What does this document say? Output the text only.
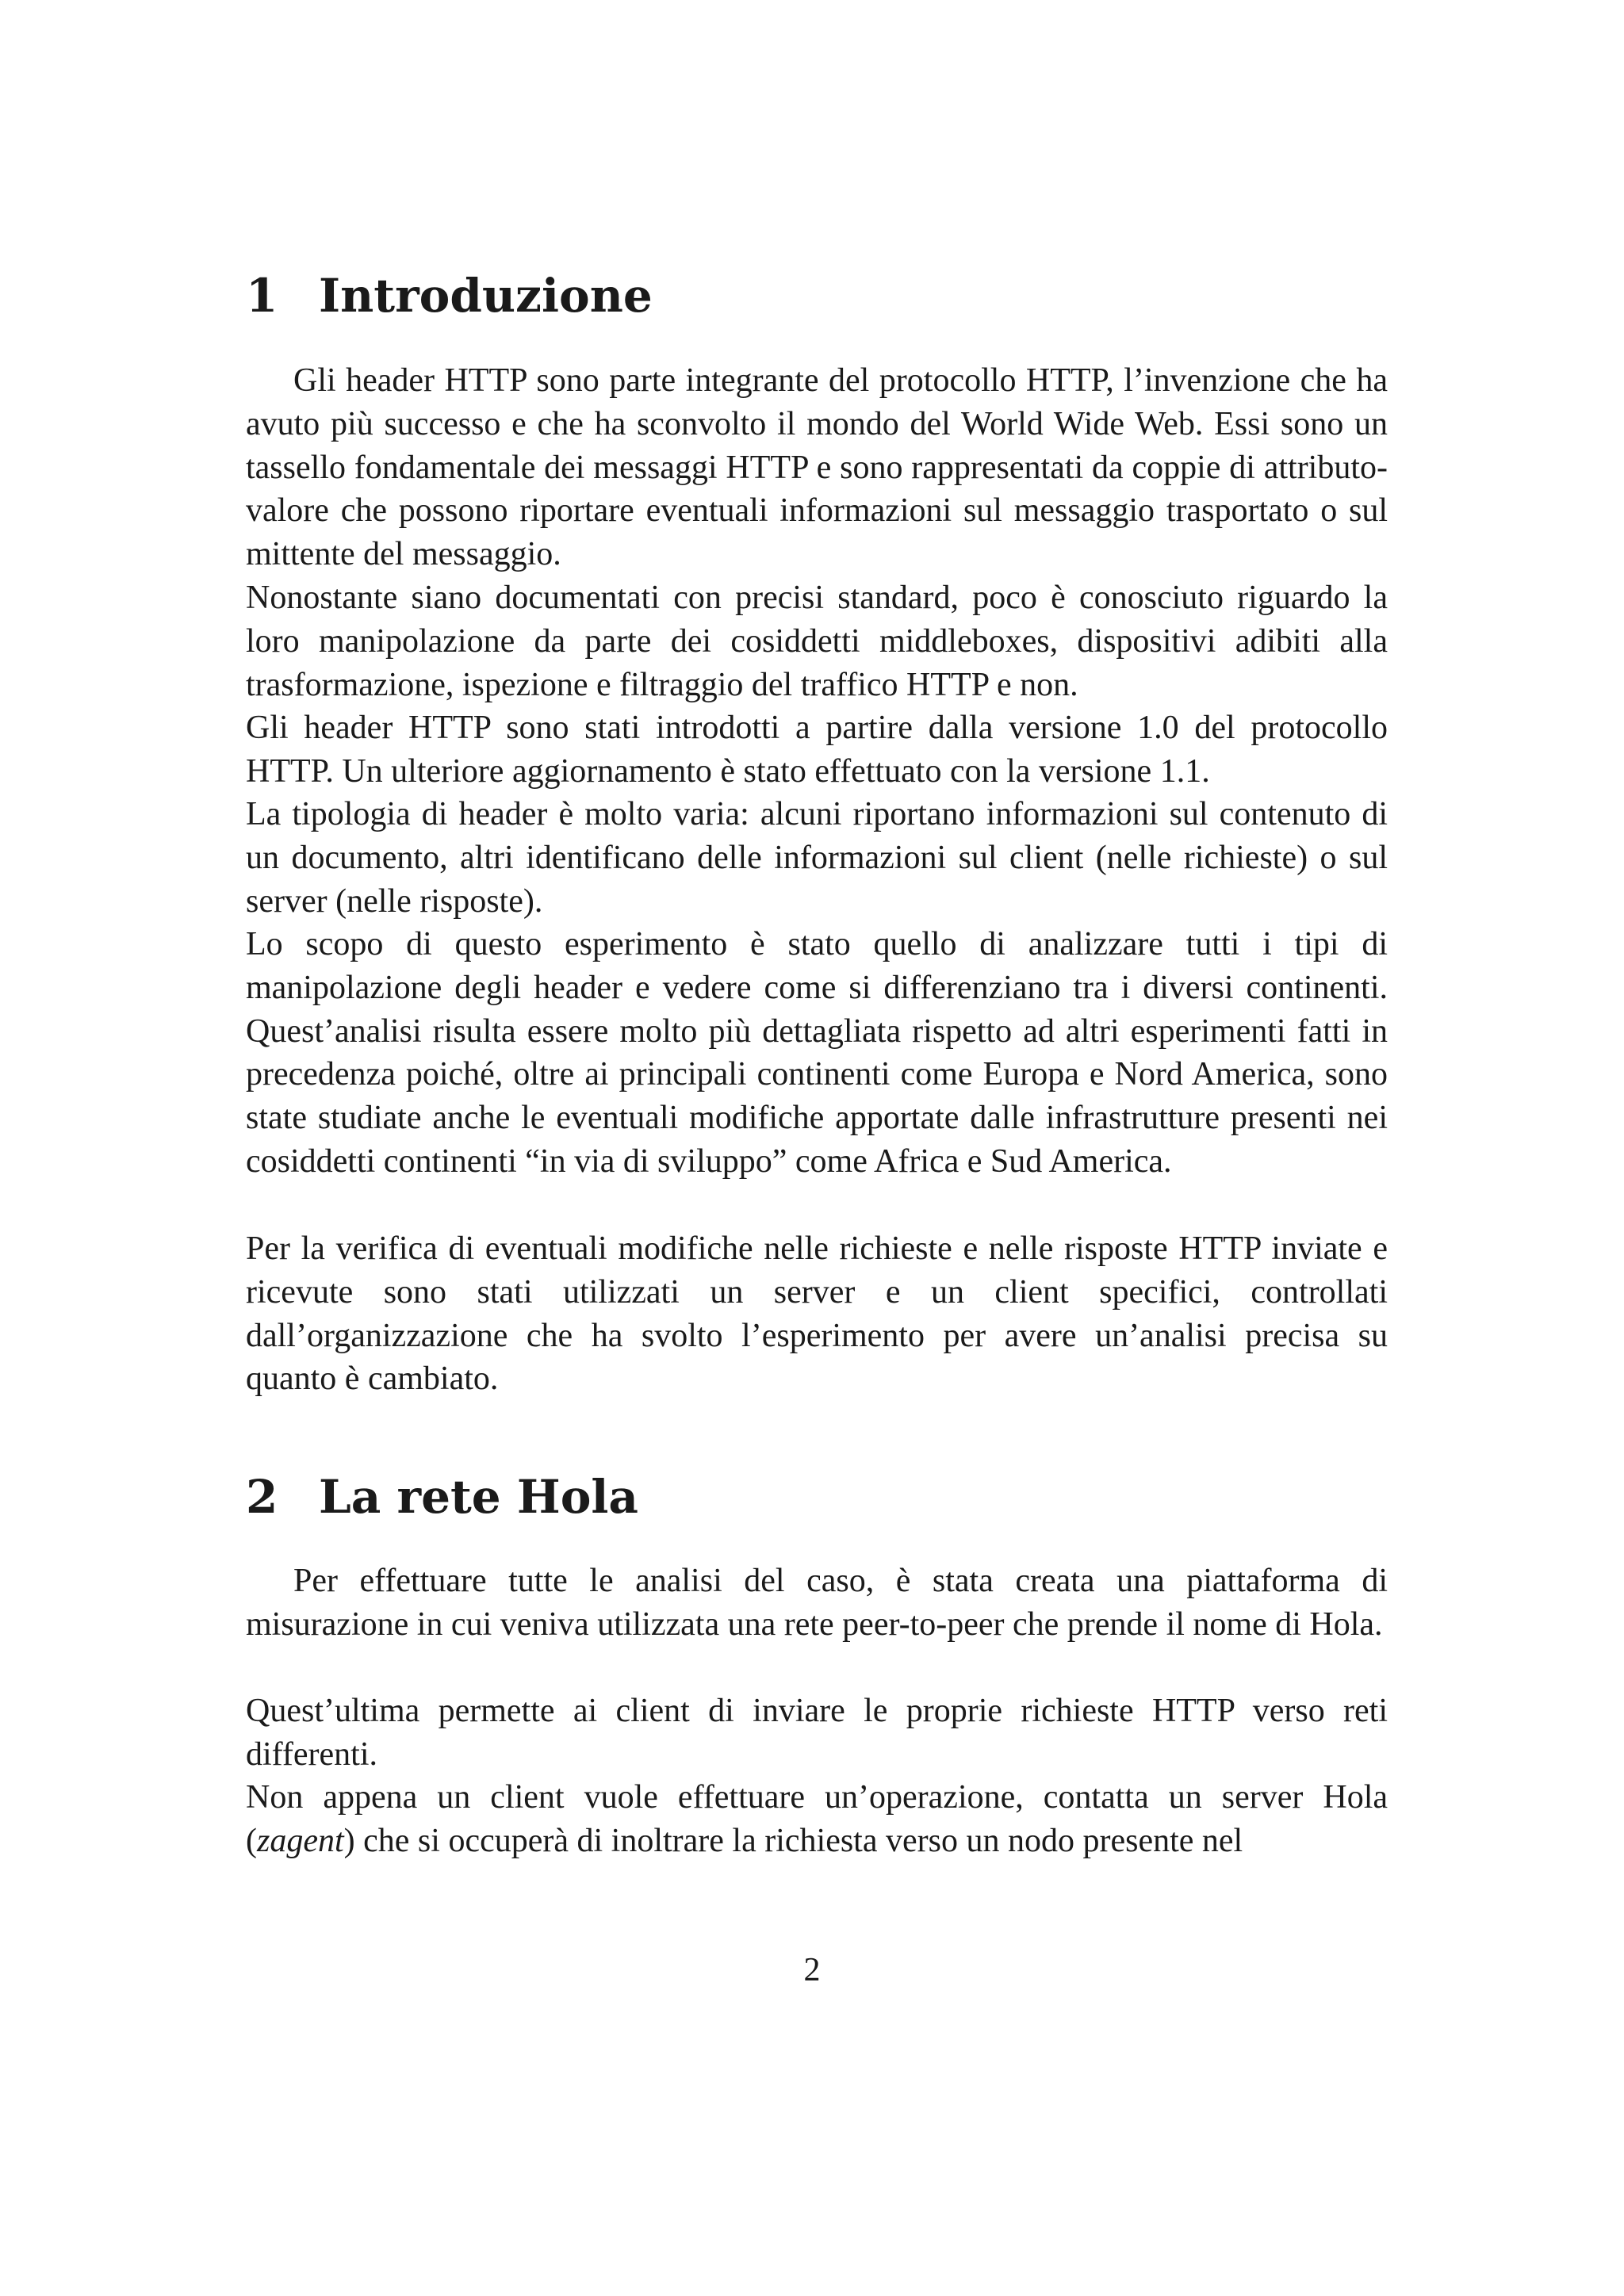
1 Introduzione

Gli header HTTP sono parte integrante del protocollo HTTP, l’invenzione che ha avuto più successo e che ha sconvolto il mondo del World Wide Web. Essi sono un tassello fondamentale dei messaggi HTTP e sono rappresentati da coppie di attributo-valore che possono riportare eventuali informazioni sul messaggio trasportato o sul mittente del messaggio.

Nonostante siano documentati con precisi standard, poco è conosciuto riguardo la loro manipolazione da parte dei cosiddetti middleboxes, dispositivi adibiti alla trasformazione, ispezione e filtraggio del traffico HTTP e non.

Gli header HTTP sono stati introdotti a partire dalla versione 1.0 del protocollo HTTP. Un ulteriore aggiornamento è stato effettuato con la versione 1.1.

La tipologia di header è molto varia: alcuni riportano informazioni sul contenuto di un documento, altri identificano delle informazioni sul client (nelle richieste) o sul server (nelle risposte).

Lo scopo di questo esperimento è stato quello di analizzare tutti i tipi di manipolazione degli header e vedere come si differenziano tra i diversi continenti. Quest’analisi risulta essere molto più dettagliata rispetto ad altri esperimenti fatti in precedenza poiché, oltre ai principali continenti come Europa e Nord America, sono state studiate anche le eventuali modifiche apportate dalle infrastrutture presenti nei cosiddetti continenti “in via di sviluppo” come Africa e Sud America.

Per la verifica di eventuali modifiche nelle richieste e nelle risposte HTTP inviate e ricevute sono stati utilizzati un server e un client specifici, controllati dall’organizzazione che ha svolto l’esperimento per avere un’analisi precisa su quanto è cambiato.

2 La rete Hola

Per effettuare tutte le analisi del caso, è stata creata una piattaforma di misurazione in cui veniva utilizzata una rete peer-to-peer che prende il nome di Hola.

Quest’ultima permette ai client di inviare le proprie richieste HTTP verso reti differenti.

Non appena un client vuole effettuare un’operazione, contatta un server Hola (zagent) che si occuperà di inoltrare la richiesta verso un nodo presente nel

2
